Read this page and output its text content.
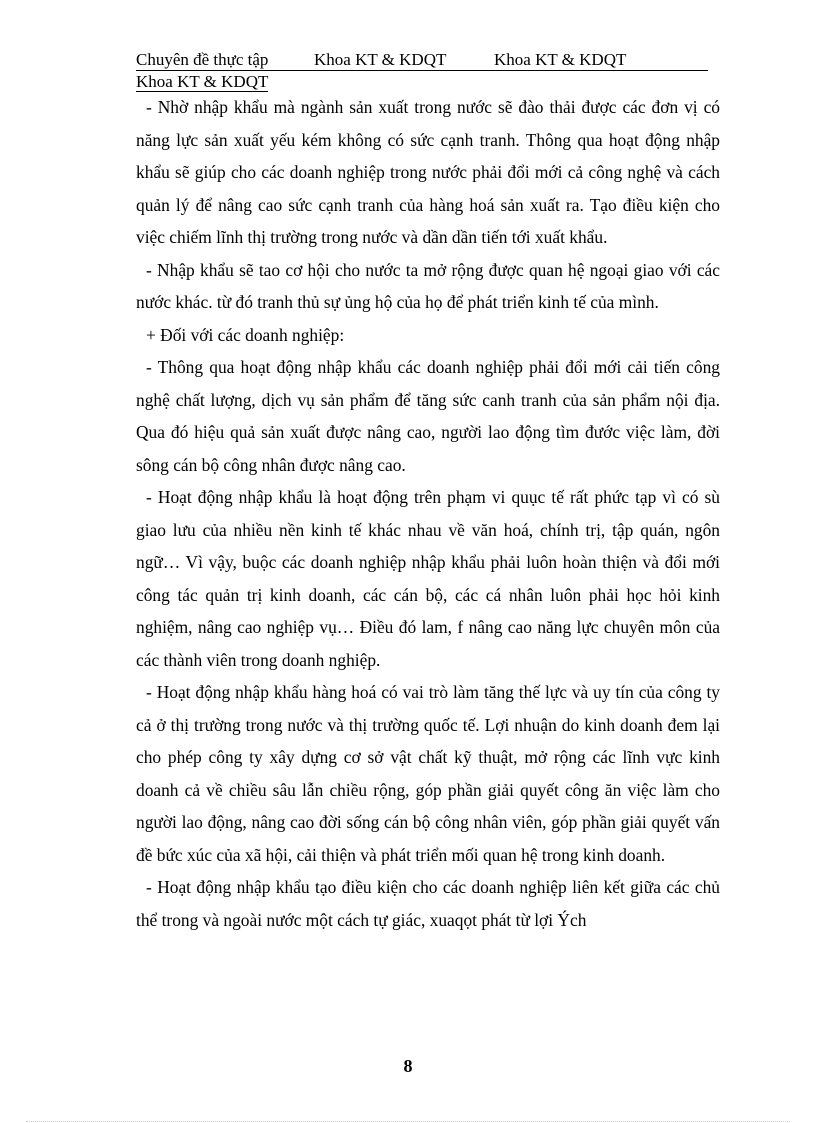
Chuyên đề thực tập	Khoa KT & KDQT	Khoa KT & KDQT
Khoa KT & KDQT

- Nhờ nhập khẩu mà ngành sản xuất trong nước sẽ đào thải được các đơn vị có năng lực sản xuất yếu kém không có sức cạnh tranh. Thông qua hoạt động nhập khẩu sẽ giúp cho các doanh nghiệp trong nước phải đổi mới cả công nghệ và cách quản lý để nâng cao sức cạnh tranh của hàng hoá sản xuất ra. Tạo điều kiện cho việc chiếm lĩnh thị trường trong nước và dần dần tiến tới xuất khẩu.

- Nhập khẩu sẽ tao cơ hội cho nước ta mở rộng được quan hệ ngoại giao với các nước khác. từ đó tranh thủ sự ủng hộ của họ để phát triển kinh tế của mình.

+ Đối với các doanh nghiệp:

- Thông qua hoạt động nhập khẩu các doanh nghiệp phải đổi mới cải tiến công nghệ chất lượng, dịch vụ sản phẩm để tăng sức canh tranh của sản phẩm nội địa. Qua đó hiệu quả sản xuất được nâng cao, người lao động tìm đước việc làm, đời sông cán bộ công nhân được nâng cao.

- Hoạt động nhập khẩu là hoạt động trên phạm vi quục tế rất phức tạp vì có sù giao lưu của nhiều nền kinh tế khác nhau về văn hoá, chính trị, tập quán, ngôn ngữ… Vì vậy, buộc các doanh nghiệp nhập khẩu phải luôn hoàn thiện và đổi mới công tác quản trị kinh doanh, các cán bộ, các cá nhân luôn phải học hỏi kinh nghiệm, nâng cao nghiệp vụ… Điều đó lam, f nâng cao năng lực chuyên môn của các thành viên trong doanh nghiệp.

- Hoạt động nhập khẩu hàng hoá có vai trò làm tăng thế lực và uy tín của công ty cả ở thị trường trong nước và thị trường quốc tế. Lợi nhuận do kinh doanh đem lại cho phép công ty xây dựng cơ sở vật chất kỹ thuật, mở rộng các lĩnh vực kinh doanh cả về chiều sâu lẫn chiều rộng, góp phần giải quyết công ăn việc làm cho người lao động, nâng cao đời sống cán bộ công nhân viên, góp phần giải quyết vấn đề bức xúc của xã hội, cải thiện và phát triển mối quan hệ trong kinh doanh.

- Hoạt động nhập khẩu tạo điều kiện cho các doanh nghiệp liên kết giữa các chủ thể trong và ngoài nước một cách tự giác, xuaqọt phát từ lợi Ých

8
